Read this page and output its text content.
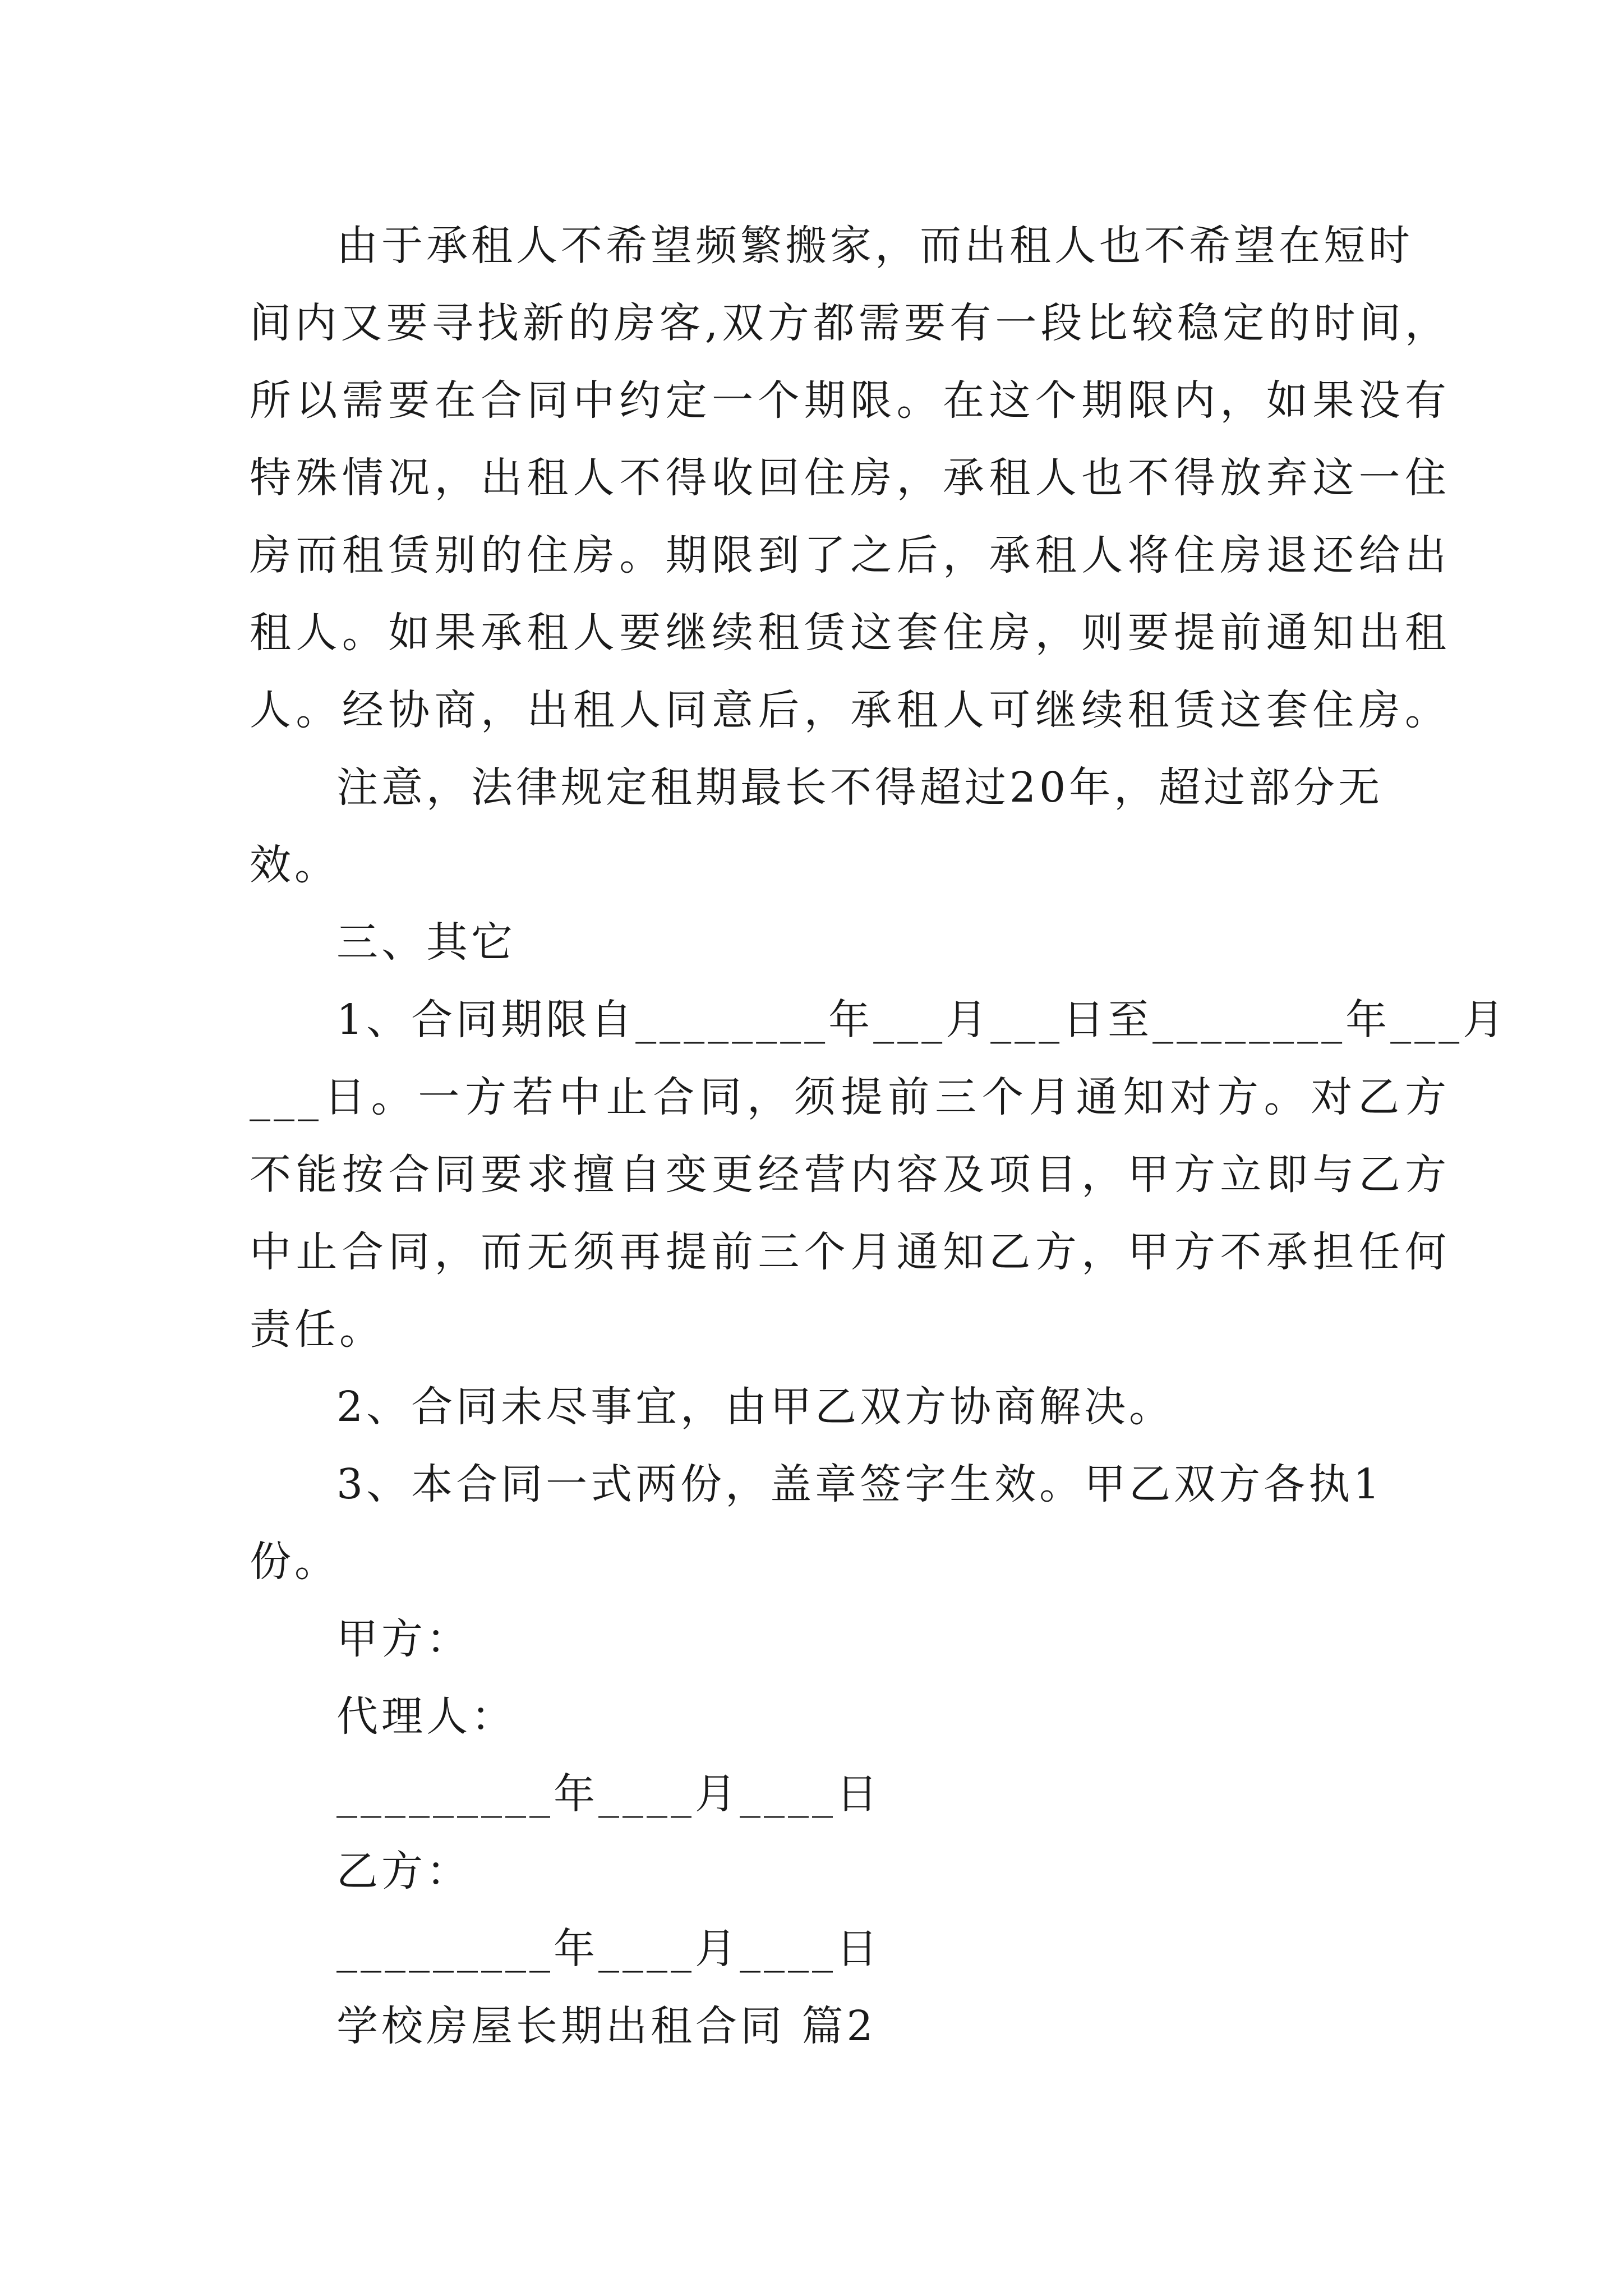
由于承租人不希望频繁搬家，而出租人也不希望在短时
间内又要寻找新的房客,双方都需要有一段比较稳定的时间，
所以需要在合同中约定一个期限。在这个期限内，如果没有
特殊情况，出租人不得收回住房，承租人也不得放弃这一住
房而租赁别的住房。期限到了之后，承租人将住房退还给出
租人。如果承租人要继续租赁这套住房，则要提前通知出租
人。经协商，出租人同意后，承租人可继续租赁这套住房。
注意，法律规定租期最长不得超过20年，超过部分无
效。
三、其它
1、合同期限自________年___月___日至________年___月
___日。一方若中止合同，须提前三个月通知对方。对乙方
不能按合同要求擅自变更经营内容及项目，甲方立即与乙方
中止合同，而无须再提前三个月通知乙方，甲方不承担任何
责任。
2、合同未尽事宜，由甲乙双方协商解决。
3、本合同一式两份，盖章签字生效。甲乙双方各执1
份。
甲方：
代理人：
_________年____月____日
乙方：
_________年____月____日
学校房屋长期出租合同 篇2
